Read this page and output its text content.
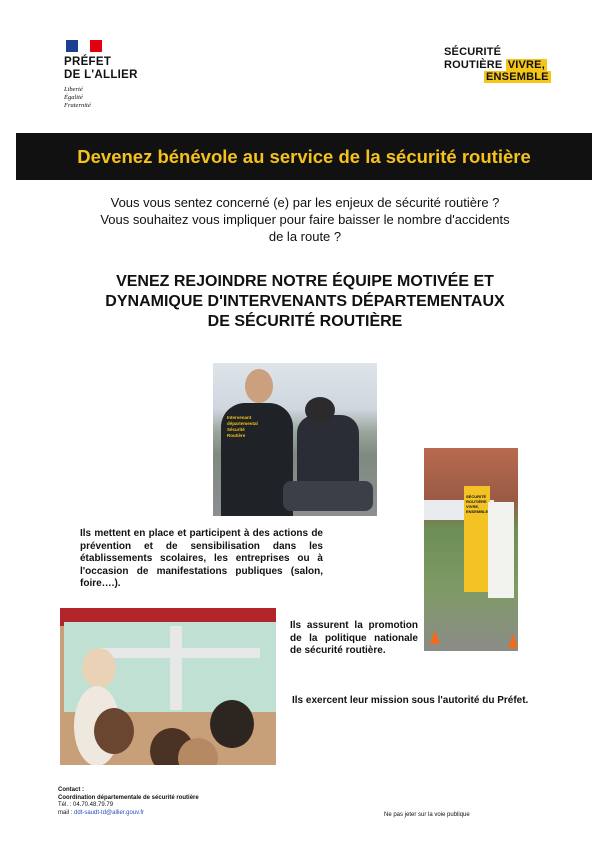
PRÉFET
DE L'ALLIER
Liberté
Égalité
Fraternité
SÉCURITÉ
ROUTIÈRE VIVRE,
ENSEMBLE
Devenez bénévole au service de la sécurité routière
Vous vous sentez concerné (e) par les enjeux de sécurité routière ?
Vous souhaitez vous impliquer pour faire baisser le nombre d'accidents
de la route ?
VENEZ REJOINDRE NOTRE ÉQUIPE MOTIVÉE ET
DYNAMIQUE D'INTERVENANTS DÉPARTEMENTAUX
DE SÉCURITÉ ROUTIÈRE
Intervenant
départemental
Sécurité
Routière
SÉCURITÉ
ROUTIÈRE
VIVRE,
ENSEMBLE
Ils mettent en place et participent à des actions de prévention et de sensibilisation dans les établissements scolaires, les entreprises ou à l'occasion de manifestations publiques (salon, foire….).
Ils assurent la promotion de la politique nationale de sécurité routière.
Ils exercent leur mission sous l'autorité du Préfet.
Contact :
Coordination départementale de sécurité routière
Tél. : 04.70.48.79.79
mail : ddt-saudt-td@allier.gouv.fr	Ne pas jeter sur la voie publique
